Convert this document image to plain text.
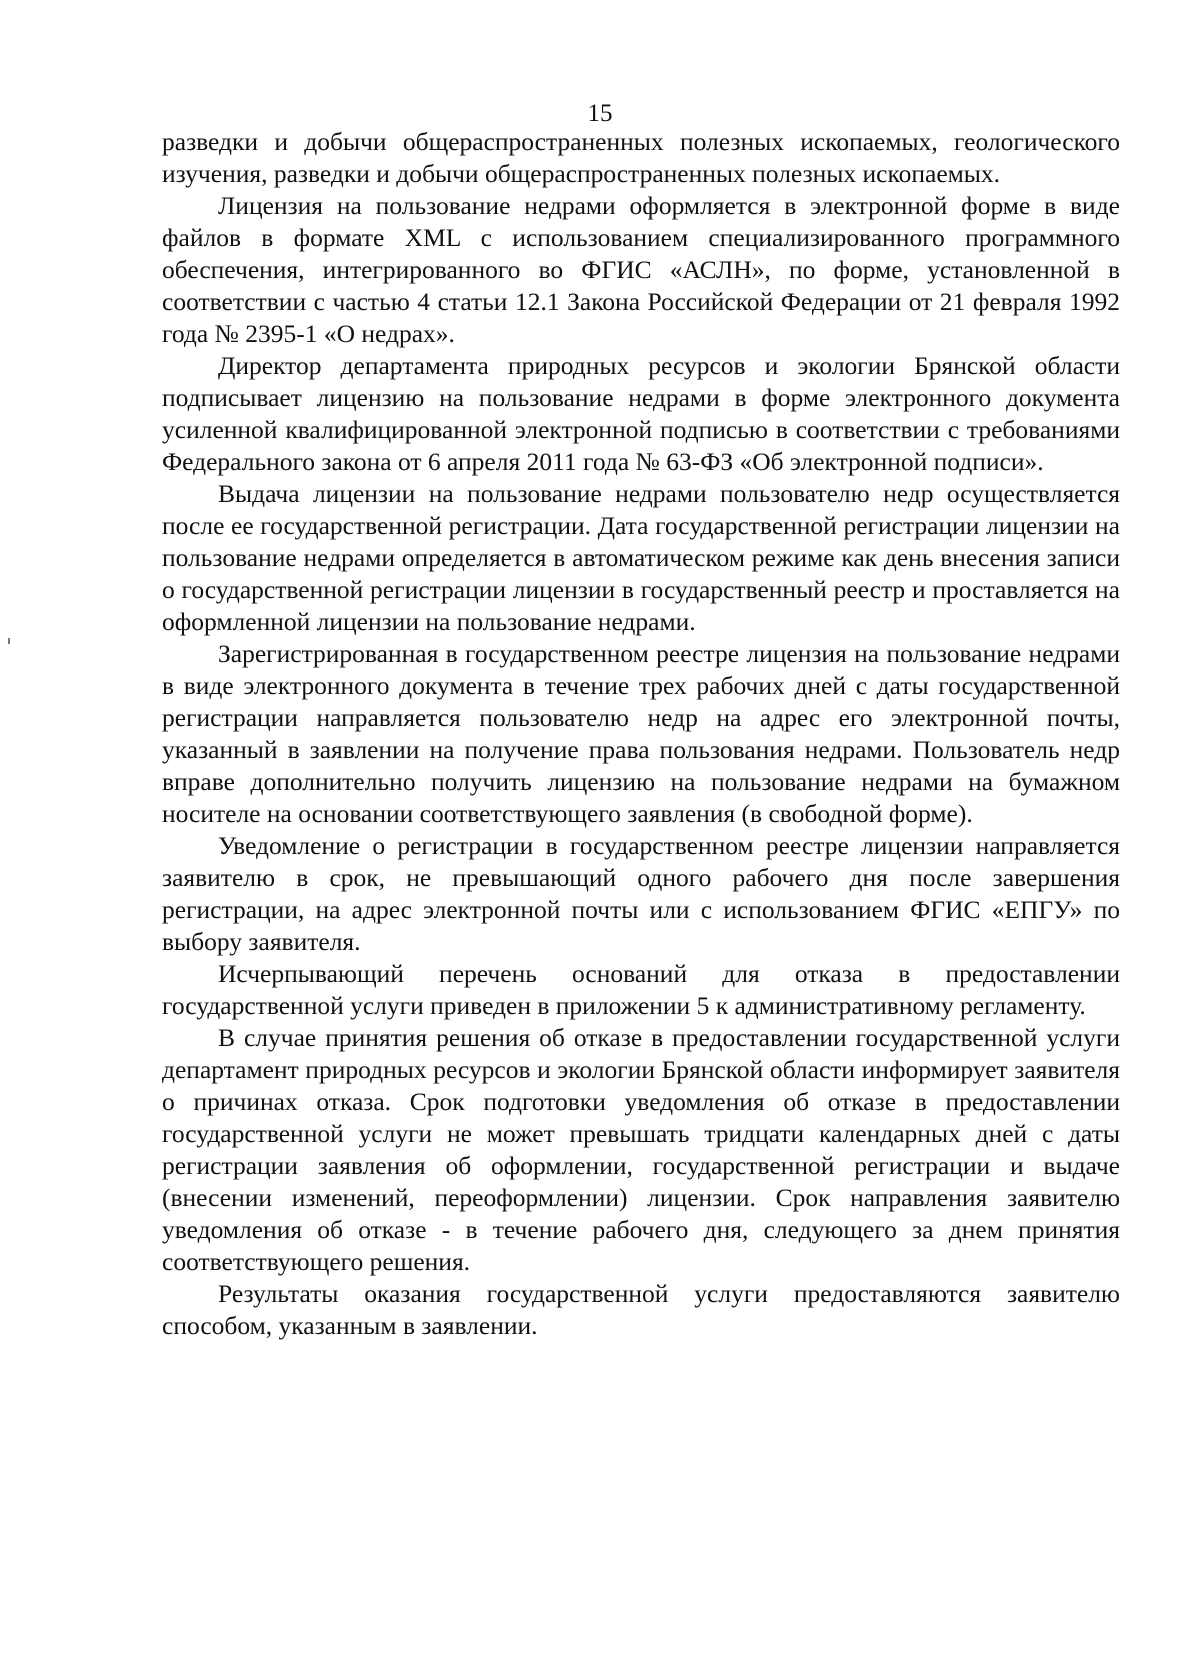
15

разведки и добычи общераспространенных полезных ископаемых, геологического изучения, разведки и добычи общераспространенных полезных ископаемых.

Лицензия на пользование недрами оформляется в электронной форме в виде файлов в формате XML с использованием специализированного программного обеспечения, интегрированного во ФГИС «АСЛН», по форме, установленной в соответствии с частью 4 статьи 12.1 Закона Российской Федерации от 21 февраля 1992 года № 2395-1 «О недрах».

Директор департамента природных ресурсов и экологии Брянской области подписывает лицензию на пользование недрами в форме электронного документа усиленной квалифицированной электронной подписью в соответствии с требованиями Федерального закона от 6 апреля 2011 года № 63-ФЗ «Об электронной подписи».

Выдача лицензии на пользование недрами пользователю недр осуществляется после ее государственной регистрации. Дата государственной регистрации лицензии на пользование недрами определяется в автоматическом режиме как день внесения записи о государственной регистрации лицензии в государственный реестр и проставляется на оформленной лицензии на пользование недрами.

Зарегистрированная в государственном реестре лицензия на пользование недрами в виде электронного документа в течение трех рабочих дней с даты государственной регистрации направляется пользователю недр на адрес его электронной почты, указанный в заявлении на получение права пользования недрами. Пользователь недр вправе дополнительно получить лицензию на пользование недрами на бумажном носителе на основании соответствующего заявления (в свободной форме).

Уведомление о регистрации в государственном реестре лицензии направляется заявителю в срок, не превышающий одного рабочего дня после завершения регистрации, на адрес электронной почты или с использованием ФГИС «ЕПГУ» по выбору заявителя.

Исчерпывающий перечень оснований для отказа в предоставлении государственной услуги приведен в приложении 5 к административному регламенту.

В случае принятия решения об отказе в предоставлении государственной услуги департамент природных ресурсов и экологии Брянской области информирует заявителя о причинах отказа. Срок подготовки уведомления об отказе в предоставлении государственной услуги не может превышать тридцати календарных дней с даты регистрации заявления об оформлении, государственной регистрации и выдаче (внесении изменений, переоформлении) лицензии. Срок направления заявителю уведомления об отказе - в течение рабочего дня, следующего за днем принятия соответствующего решения.

Результаты оказания государственной услуги предоставляются заявителю способом, указанным в заявлении.
